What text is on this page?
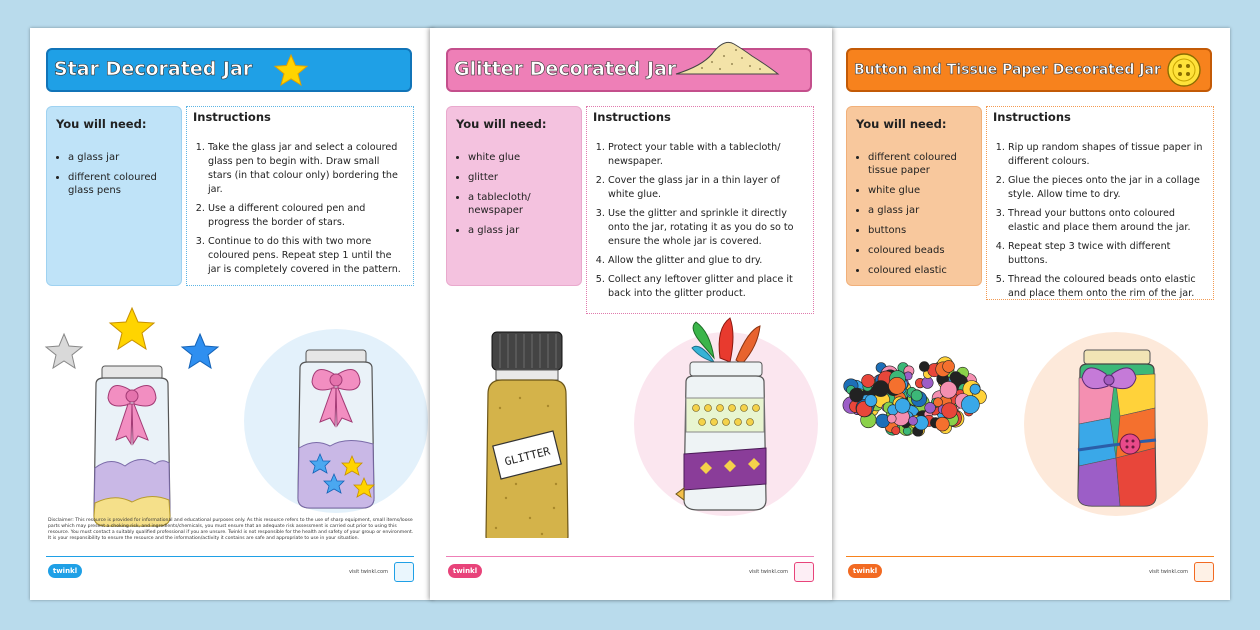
Star Decorated Jar
You will need:
• a glass jar
• different coloured glass pens
Instructions
1. Take the glass jar and select a coloured glass pen to begin with. Draw small stars (in that colour only) bordering the jar.
2. Use a different coloured pen and progress the border of stars.
3. Continue to do this with two more coloured pens. Repeat step 1 until the jar is completely covered in the pattern.
Disclaimer: This resource is provided for informational and educational purposes only. As this resource refers to the use of sharp equipment, small items/loose parts which may present a choking risk, and ingredients/chemicals, you must ensure that an adequate risk assessment is carried out prior to using this resource. You must contact a suitably qualified professional if you are unsure. Twinkl is not responsible for the health and safety of your group or environment. It is your responsibility to ensure the resource and the information/activity it contains are safe and appropriate to use in your situation.
twinkl	visit twinkl.com
Glitter Decorated Jar
You will need:
• white glue
• glitter
• a tablecloth/ newspaper
• a glass jar
Instructions
1. Protect your table with a tablecloth/ newspaper.
2. Cover the glass jar in a thin layer of white glue.
3. Use the glitter and sprinkle it directly onto the jar, rotating it as you do so to ensure the whole jar is covered.
4. Allow the glitter and glue to dry.
5. Collect any leftover glitter and place it back into the glitter product.
GLITTER
twinkl	visit twinkl.com
Button and Tissue Paper Decorated Jar
You will need:
• different coloured tissue paper
• white glue
• a glass jar
• buttons
• coloured beads
• coloured elastic
Instructions
1. Rip up random shapes of tissue paper in different colours.
2. Glue the pieces onto the jar in a collage style. Allow time to dry.
3. Thread your buttons onto coloured elastic and place them around the jar.
4. Repeat step 3 twice with different buttons.
5. Thread the coloured beads onto elastic and place them onto the rim of the jar.
twinkl	visit twinkl.com
